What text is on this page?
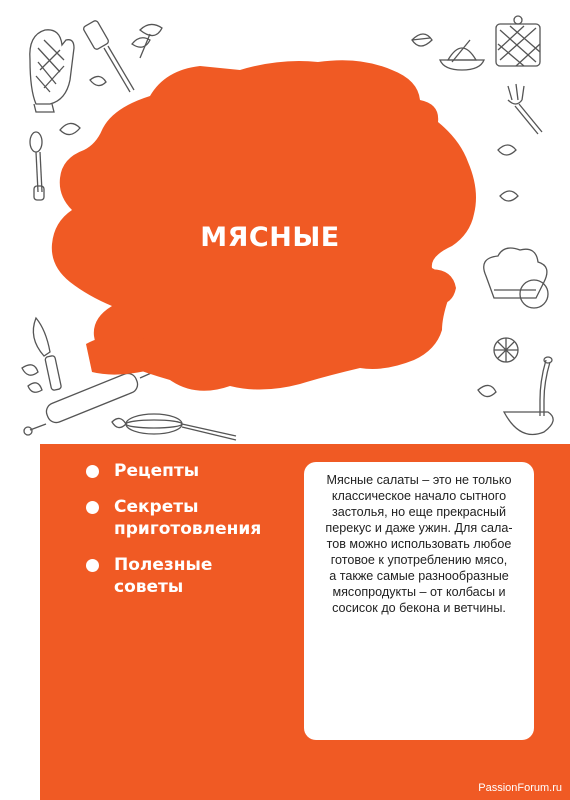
МЯСНЫЕ
Рецепты
Секреты
приготовления
Полезные
советы

Мясные салаты – это не только
классическое начало сытного
застолья, но еще прекрасный
перекус и даже ужин. Для сала-
тов можно использовать любое
готовое к употреблению мясо,
а также самые разнообразные
мясопродукты – от колбасы и
сосисок до бекона и ветчины.

PassionForum.ru
